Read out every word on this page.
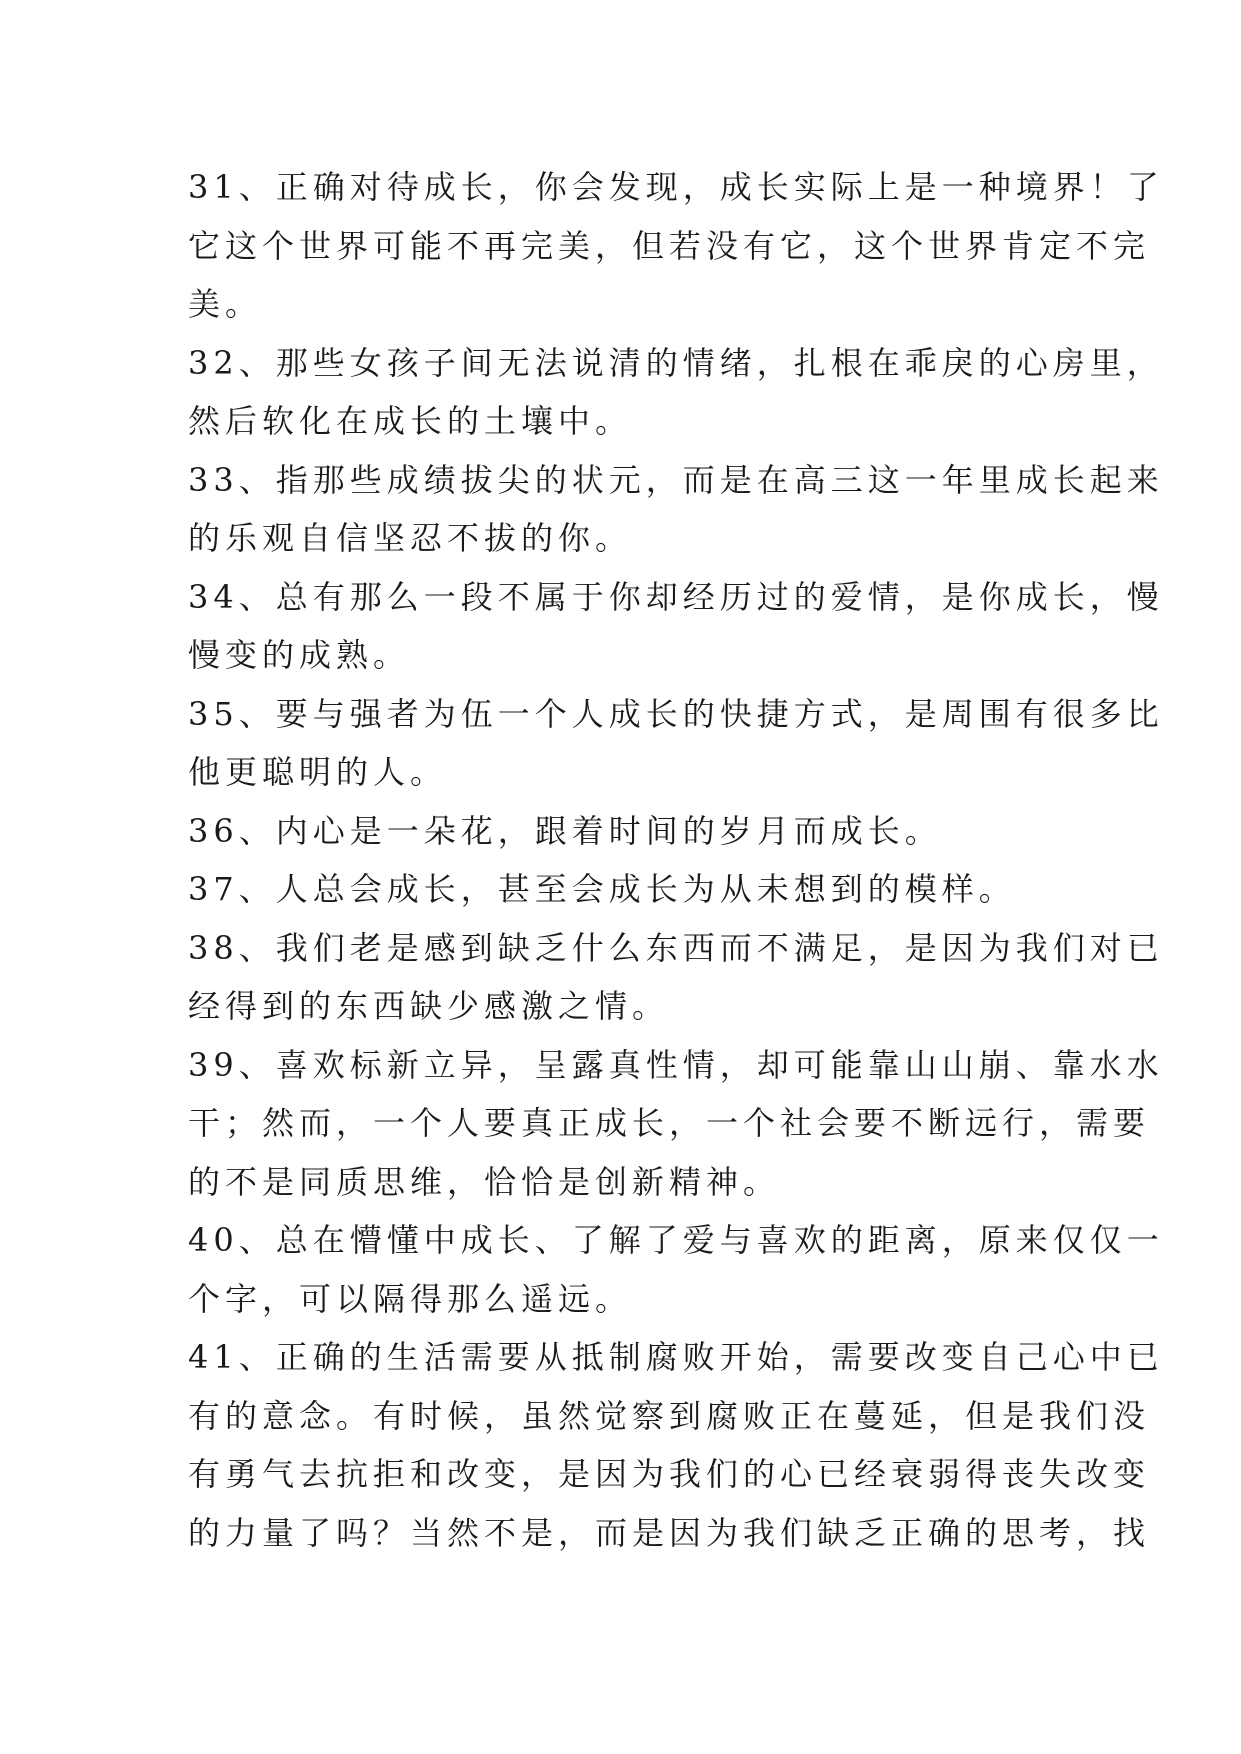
31、正确对待成长，你会发现，成长实际上是一种境界！了
它这个世界可能不再完美，但若没有它，这个世界肯定不完
美。
32、那些女孩子间无法说清的情绪，扎根在乖戾的心房里，
然后软化在成长的土壤中。
33、指那些成绩拔尖的状元，而是在高三这一年里成长起来
的乐观自信坚忍不拔的你。
34、总有那么一段不属于你却经历过的爱情，是你成长，慢
慢变的成熟。
35、要与强者为伍一个人成长的快捷方式，是周围有很多比
他更聪明的人。
36、内心是一朵花，跟着时间的岁月而成长。
37、人总会成长，甚至会成长为从未想到的模样。
38、我们老是感到缺乏什么东西而不满足，是因为我们对已
经得到的东西缺少感激之情。
39、喜欢标新立异，呈露真性情，却可能靠山山崩、靠水水
干；然而，一个人要真正成长，一个社会要不断远行，需要
的不是同质思维，恰恰是创新精神。
40、总在懵懂中成长、了解了爱与喜欢的距离，原来仅仅一
个字，可以隔得那么遥远。
41、正确的生活需要从抵制腐败开始，需要改变自己心中已
有的意念。有时候，虽然觉察到腐败正在蔓延，但是我们没
有勇气去抗拒和改变，是因为我们的心已经衰弱得丧失改变
的力量了吗？当然不是，而是因为我们缺乏正确的思考，找
